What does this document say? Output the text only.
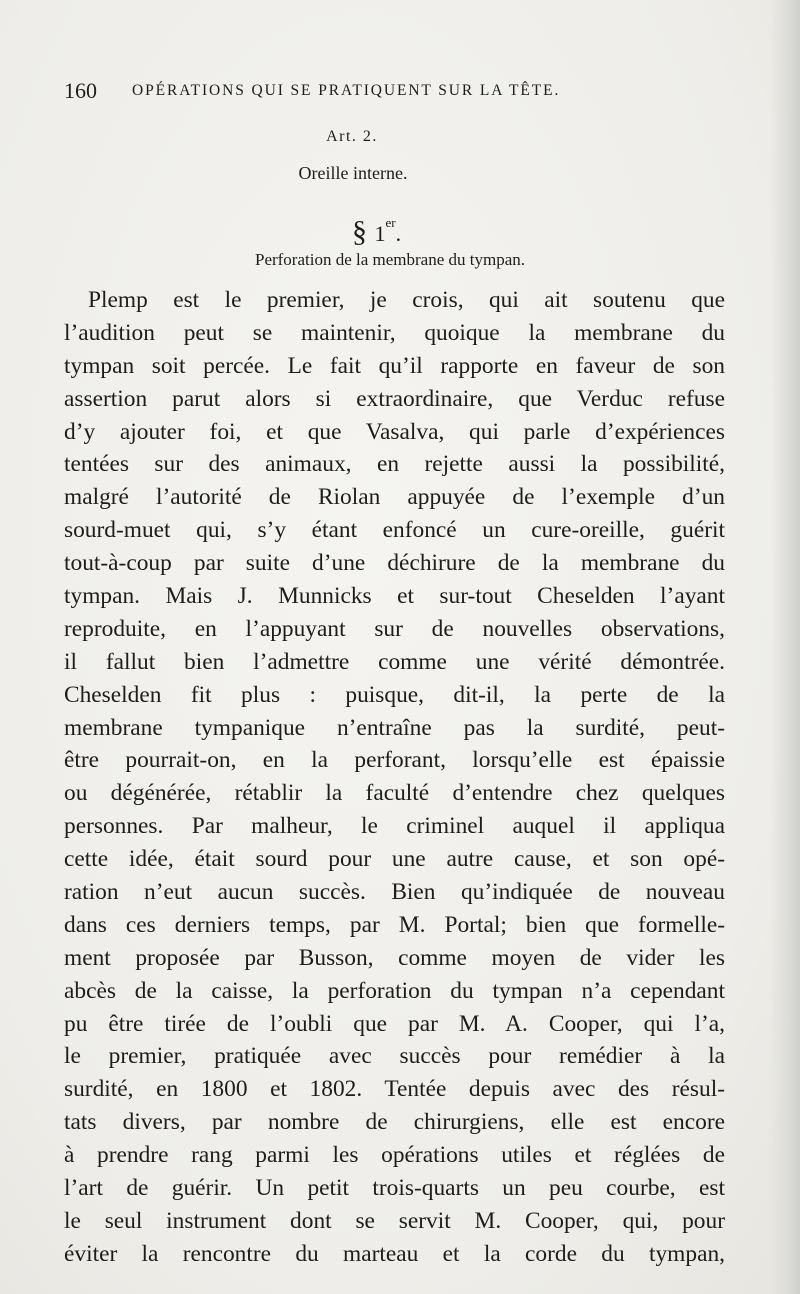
160 OPÉRATIONS QUI SE PRATIQUENT SUR LA TÊTE.
Art. 2.
Oreille interne.
§ 1er.
Perforation de la membrane du tympan.
Plemp est le premier, je crois, qui ait soutenu que
l’audition peut se maintenir, quoique la membrane du
tympan soit percée. Le fait qu’il rapporte en faveur de son
assertion parut alors si extraordinaire, que Verduc refuse
d’y ajouter foi, et que Vasalva, qui parle d’expériences
tentées sur des animaux, en rejette aussi la possibilité,
malgré l’autorité de Riolan appuyée de l’exemple d’un
sourd-muet qui, s’y étant enfoncé un cure-oreille, guérit
tout-à-coup par suite d’une déchirure de la membrane du
tympan. Mais J. Munnicks et sur-tout Cheselden l’ayant
reproduite, en l’appuyant sur de nouvelles observations,
il fallut bien l’admettre comme une vérité démontrée.
Cheselden fit plus : puisque, dit-il, la perte de la
membrane tympanique n’entraîne pas la surdité, peut-
être pourrait-on, en la perforant, lorsqu’elle est épaissie
ou dégénérée, rétablir la faculté d’entendre chez quelques
personnes. Par malheur, le criminel auquel il appliqua
cette idée, était sourd pour une autre cause, et son opé-
ration n’eut aucun succès. Bien qu’indiquée de nouveau
dans ces derniers temps, par M. Portal; bien que formelle-
ment proposée par Busson, comme moyen de vider les
abcès de la caisse, la perforation du tympan n’a cependant
pu être tirée de l’oubli que par M. A. Cooper, qui l’a,
le premier, pratiquée avec succès pour remédier à la
surdité, en 1800 et 1802. Tentée depuis avec des résul-
tats divers, par nombre de chirurgiens, elle est encore
à prendre rang parmi les opérations utiles et réglées de
l’art de guérir. Un petit trois-quarts un peu courbe, est
le seul instrument dont se servit M. Cooper, qui, pour
éviter la rencontre du marteau et la corde du tympan,
